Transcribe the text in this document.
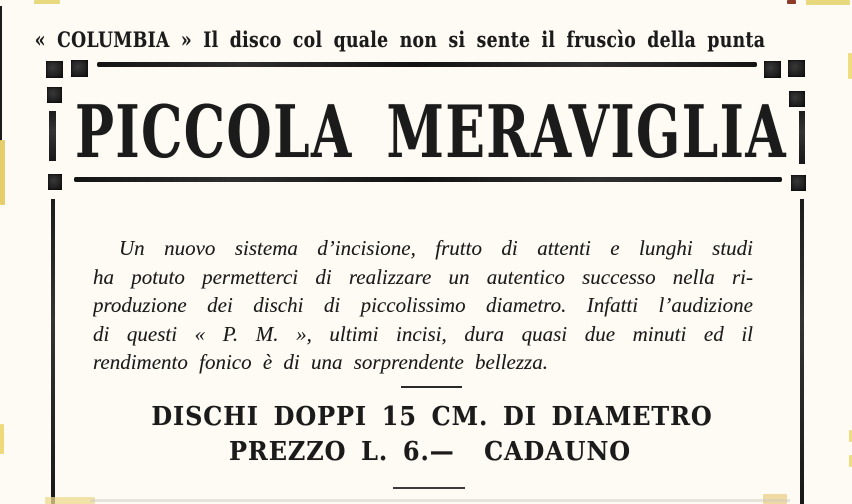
« COLUMBIA » Il disco col quale non si sente il fruscìo della punta
PICCOLA MERAVIGLIA
Un nuovo sistema d’incisione, frutto di attenti e lunghi studi
ha potuto permetterci di realizzare un autentico successo nella ri-
produzione dei dischi di piccolissimo diametro. Infatti l’audizione
di questi « P. M. », ultimi incisi, dura quasi due minuti ed il
rendimento fonico è di una sorprendente bellezza.
DISCHI DOPPI 15 CM. DI DIAMETRO
PREZZO L. 6.—  CADAUNO
